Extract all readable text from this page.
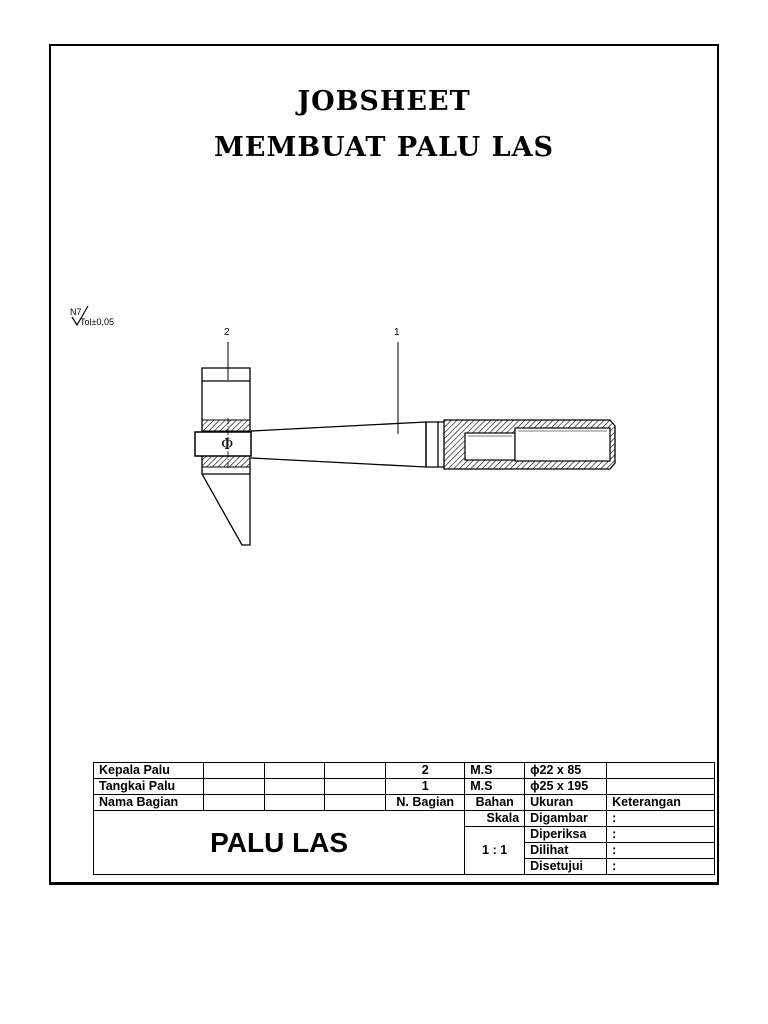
JOBSHEET
MEMBUAT PALU LAS
N7
Tol±0,05
2	1
Φ
Kepala Palu				2	M.S	ϕ22 x 85	
Tangkai Palu				1	M.S	ϕ25 x 195	
Nama Bagian				N. Bagian	Bahan	Ukuran	Keterangan
PALU LAS					Skala	Digambar	:
					1 : 1	Diperiksa	:
						Dilihat	:
						Disetujui	:
